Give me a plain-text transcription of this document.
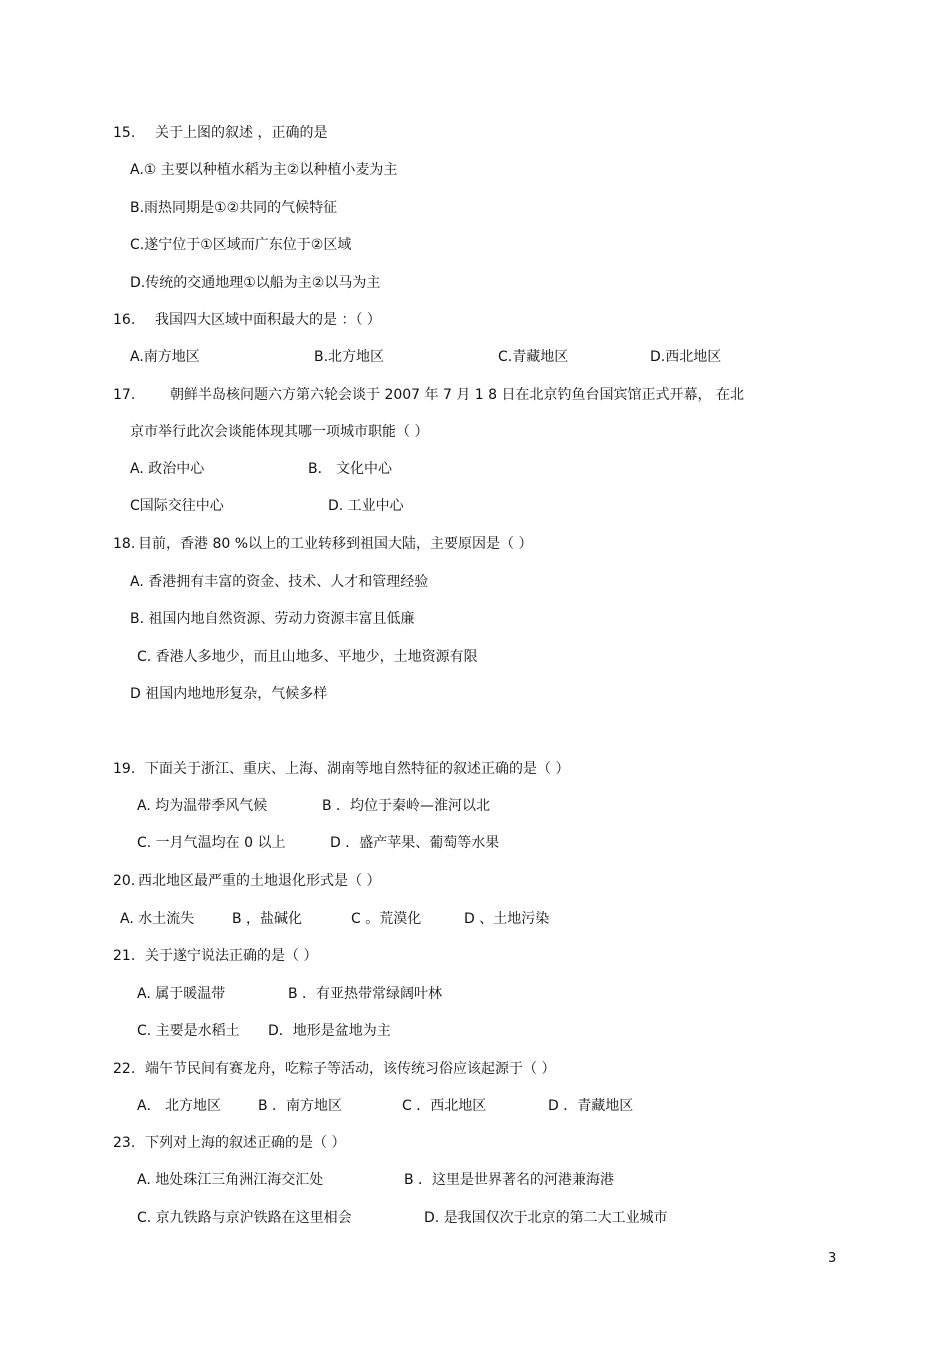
15. 关于上图的叙述 ，正确的是
A.① 主要以种植水稻为主②以种植小麦为主
B.雨热同期是①②共同的气候特征
C.遂宁位于①区域而广东位于②区域
D.传统的交通地理①以船为主②以马为主
16. 我国四大区域中面积最大的是 ：（ ）
A.南方地区	B.北方地区	C.青藏地区	D.西北地区
17. 朝鲜半岛核问题六方第六轮会谈于 2007 年 7 月 1 8 日在北京钓鱼台国宾馆正式开幕， 在北
京市举行此次会谈能体现其哪一项城市职能（ ）
A. 政治中心	B． 文化中心
C国际交往中心	D. 工业中心
18. 目前，香港 80 %以上的工业转移到祖国大陆，主要原因是（ ）
A. 香港拥有丰富的资金、技术、人才和管理经验
B. 祖国内地自然资源、劳动力资源丰富且低廉
C. 香港人多地少，而且山地多、平地少，土地资源有限
D 祖国内地地形复杂，气候多样
19. 下面关于浙江、重庆、上海、湖南等地自然特征的叙述正确的是（ ）
A. 均为温带季风气候	B ．均位于秦岭—淮河以北
C. 一月气温均在 0 以上	D ．盛产苹果、葡萄等水果
20. 西北地区最严重的土地退化形式是（ ）
A. 水土流失	B ，盐碱化	C 。荒漠化	D 、土地污染
21. 关于遂宁说法正确的是（ ）
A. 属于暖温带	B ．有亚热带常绿阔叶林
C. 主要是水稻土 D．地形是盆地为主
22. 端午节民间有赛龙舟，吃粽子等活动，该传统习俗应该起源于（ ）
A． 北方地区	B ．南方地区	C ．西北地区	D ．青藏地区
23. 下列对上海的叙述正确的是（ ）
A. 地处珠江三角洲江海交汇处	B ．这里是世界著名的河港兼海港
C. 京九铁路与京沪铁路在这里相会	D. 是我国仅次于北京的第二大工业城市
3
